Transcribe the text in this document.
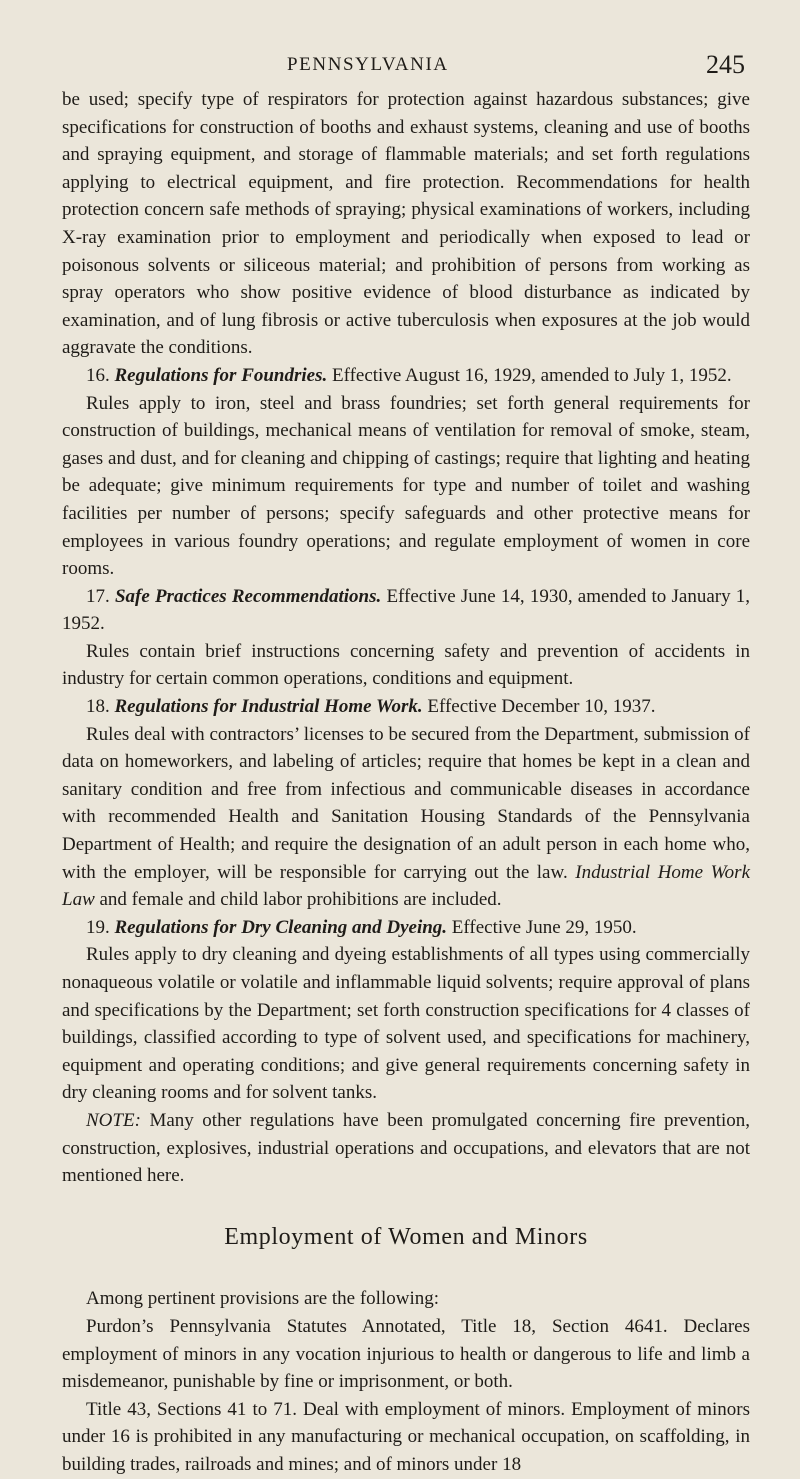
PENNSYLVANIA	245

be used; specify type of respirators for protection against hazardous substances; give specifications for construction of booths and exhaust systems, cleaning and use of booths and spraying equipment, and storage of flammable materials; and set forth regulations applying to electrical equipment, and fire protection. Recommendations for health protection concern safe methods of spraying; physical examinations of workers, including X-ray examination prior to employment and periodically when exposed to lead or poisonous solvents or siliceous material; and prohibition of persons from working as spray operators who show positive evidence of blood disturbance as indicated by examination, and of lung fibrosis or active tuberculosis when exposures at the job would aggravate the conditions.

16. Regulations for Foundries. Effective August 16, 1929, amended to July 1, 1952.

Rules apply to iron, steel and brass foundries; set forth general requirements for construction of buildings, mechanical means of ventilation for removal of smoke, steam, gases and dust, and for cleaning and chipping of castings; require that lighting and heating be adequate; give minimum requirements for type and number of toilet and washing facilities per number of persons; specify safeguards and other protective means for employees in various foundry operations; and regulate employment of women in core rooms.

17. Safe Practices Recommendations. Effective June 14, 1930, amended to January 1, 1952.

Rules contain brief instructions concerning safety and prevention of accidents in industry for certain common operations, conditions and equipment.

18. Regulations for Industrial Home Work. Effective December 10, 1937.

Rules deal with contractors’ licenses to be secured from the Department, submission of data on homeworkers, and labeling of articles; require that homes be kept in a clean and sanitary condition and free from infectious and communicable diseases in accordance with recommended Health and Sanitation Housing Standards of the Pennsylvania Department of Health; and require the designation of an adult person in each home who, with the employer, will be responsible for carrying out the law. Industrial Home Work Law and female and child labor prohibitions are included.

19. Regulations for Dry Cleaning and Dyeing. Effective June 29, 1950.

Rules apply to dry cleaning and dyeing establishments of all types using commercially nonaqueous volatile or volatile and inflammable liquid solvents; require approval of plans and specifications by the Department; set forth construction specifications for 4 classes of buildings, classified according to type of solvent used, and specifications for machinery, equipment and operating conditions; and give general requirements concerning safety in dry cleaning rooms and for solvent tanks.

NOTE: Many other regulations have been promulgated concerning fire prevention, construction, explosives, industrial operations and occupations, and elevators that are not mentioned here.

Employment of Women and Minors

Among pertinent provisions are the following:

Purdon’s Pennsylvania Statutes Annotated, Title 18, Section 4641. Declares employment of minors in any vocation injurious to health or dangerous to life and limb a misdemeanor, punishable by fine or imprisonment, or both.

Title 43, Sections 41 to 71. Deal with employment of minors. Employment of minors under 16 is prohibited in any manufacturing or mechanical occupation, on scaffolding, in building trades, railroads and mines; and of minors under 18
